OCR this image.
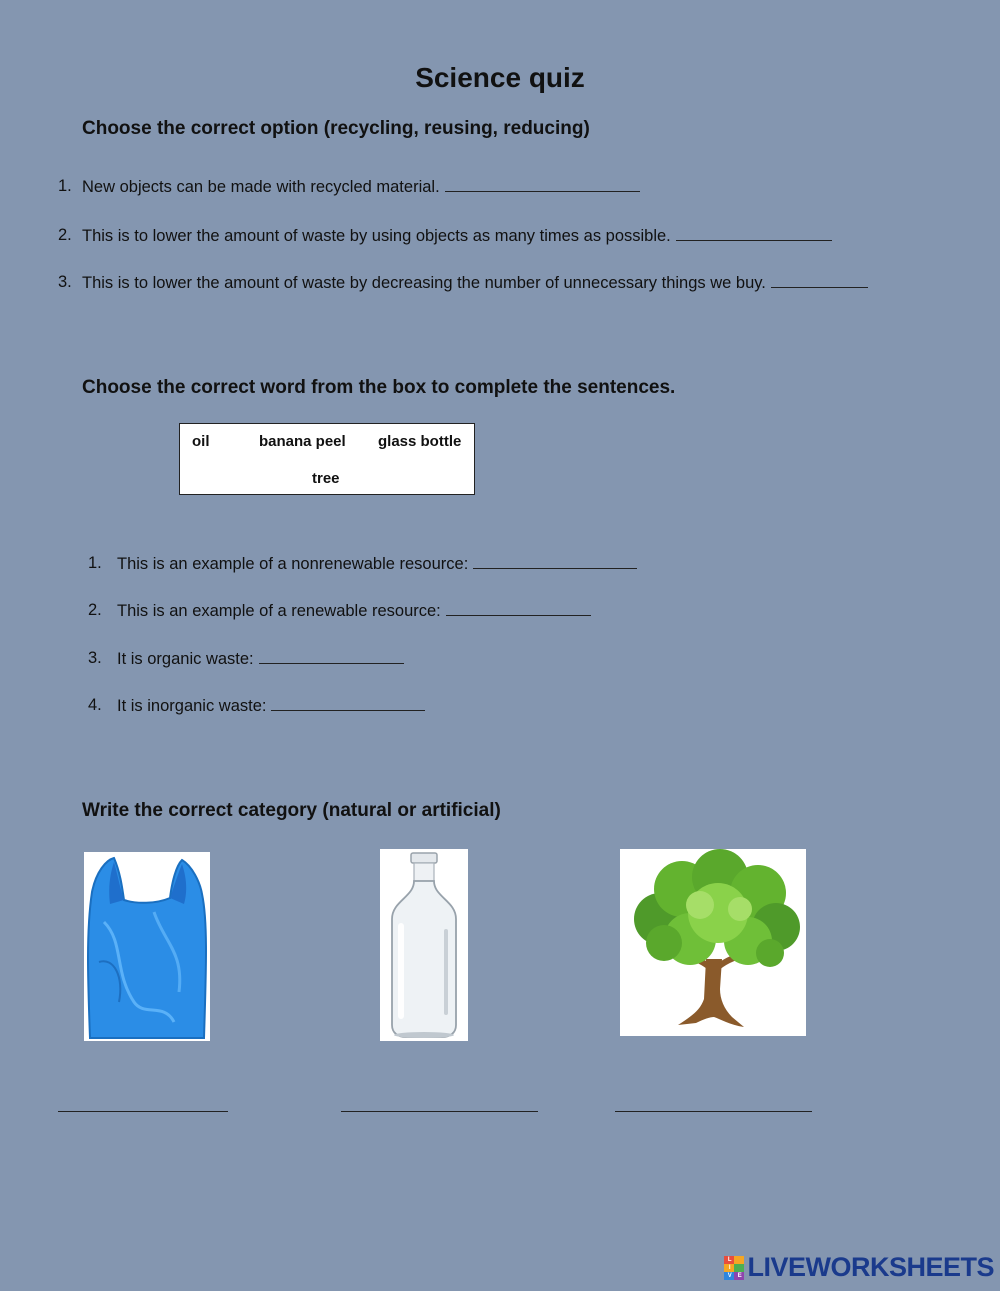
Science quiz
Choose the correct option (recycling, reusing, reducing)
1. New objects can be made with recycled material.
2. This is to lower the amount of waste by using objects as many times as possible.
3. This is to lower the amount of waste by decreasing the number of unnecessary things we buy.
Choose the correct word from the box to complete the sentences.
oil	banana peel glass bottle
tree
1. This is an example of a nonrenewable resource:
2. This is an example of a renewable resource:
3. It is organic waste:
4. It is inorganic waste:
Write the correct category (natural or artificial)
L
I
V	E LIVEWORKSHEETS
